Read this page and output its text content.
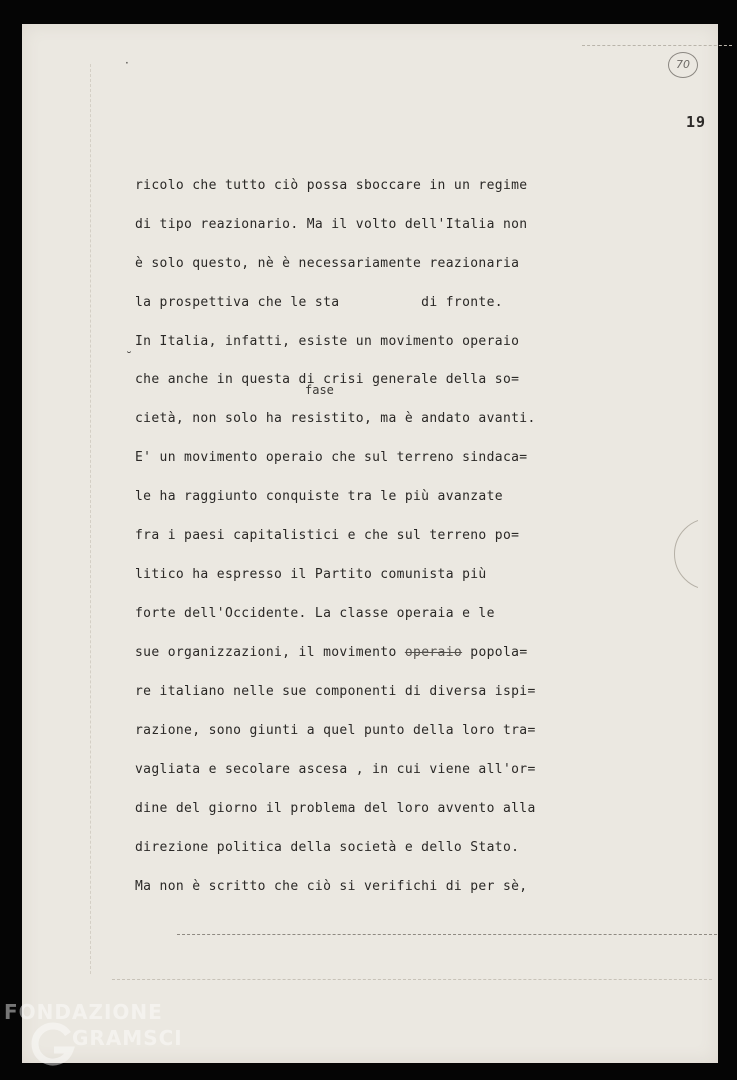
70
19
ricolo che tutto ciò possa sboccare in un regime
di tipo reazionario. Ma il volto dell'Italia non
è solo questo, nè è necessariamente reazionaria
la prospettiva che le sta          di fronte.
In Italia, infatti, esiste un movimento operaio
fase
che anche in questa di crisi generale della so=
cietà, non solo ha resistito, ma è andato avanti.
E' un movimento operaio che sul terreno sindaca=
le ha raggiunto conquiste tra le più avanzate
fra i paesi capitalistici e che sul terreno po=
litico ha espresso il Partito comunista più
forte dell'Occidente. La classe operaia e le
sue organizzazioni, il movimento operaio popola=
re italiano nelle sue componenti di diversa ispi=
razione, sono giunti a quel punto della loro tra=
vagliata e secolare ascesa , in cui viene all'or=
dine del giorno il problema del loro avvento alla
direzione politica della società e dello Stato.
Ma non è scritto che ciò si verifichi di per sè,
˘
·
FONDAZIONE
GRAMSCI
